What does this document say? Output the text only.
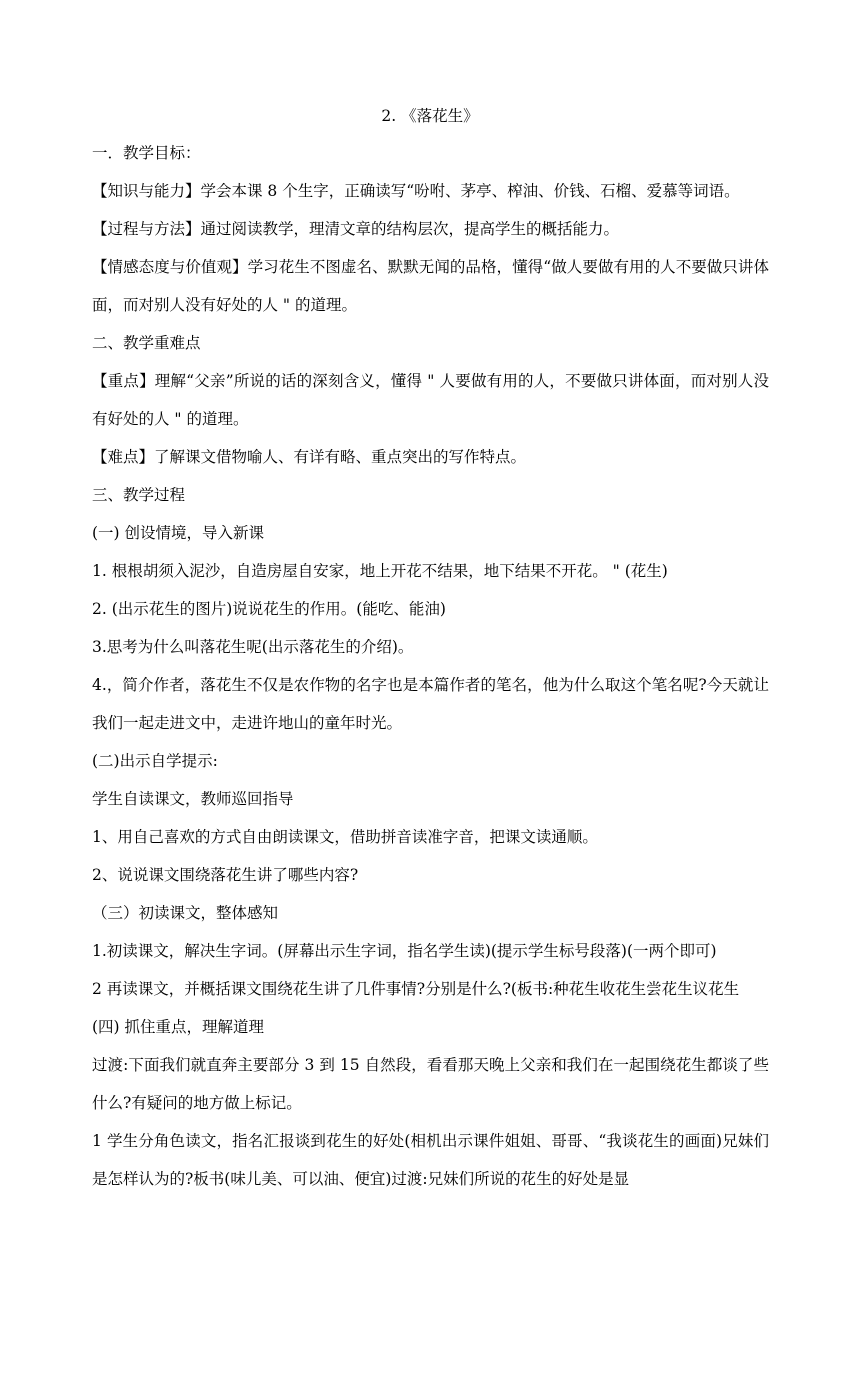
2. 《落花生》
一．教学目标：
【知识与能力】学会本课 8 个生字，正确读写“吩咐、茅亭、榨油、价钱、石榴、爱慕等词语。
【过程与方法】通过阅读教学，理清文章的结构层次，提高学生的概括能力。
【情感态度与价值观】学习花生不图虚名、默默无闻的品格，懂得“做人要做有用的人不要做只讲体面，而对别人没有好处的人 " 的道理。
二、教学重难点
【重点】理解“父亲”所说的话的深刻含义，懂得 " 人要做有用的人，不要做只讲体面，而对别人没有好处的人 " 的道理。
【难点】了解课文借物喻人、有详有略、重点突出的写作特点。
三、教学过程
(一) 创设情境，导入新课
1. 根根胡须入泥沙，自造房屋自安家，地上开花不结果，地下结果不开花。 " (花生)
2. (出示花生的图片)说说花生的作用。(能吃、能油)
3.思考为什么叫落花生呢(出示落花生的介绍)。
4.，简介作者，落花生不仅是农作物的名字也是本篇作者的笔名，他为什么取这个笔名呢?今天就让我们一起走进文中，走进许地山的童年时光。
(二)出示自学提示:
学生自读课文，教师巡回指导
1、用自己喜欢的方式自由朗读课文，借助拼音读准字音，把课文读通顺。
2、说说课文围绕落花生讲了哪些内容?
（三）初读课文，整体感知
1.初读课文，解决生字词。(屏幕出示生字词，指名学生读)(提示学生标号段落)(一两个即可)
2 再读课文，并概括课文围绕花生讲了几件事情?分别是什么?(板书:种花生收花生尝花生议花生
(四) 抓住重点，理解道理
过渡:下面我们就直奔主要部分 3 到 15 自然段，看看那天晚上父亲和我们在一起围绕花生都谈了些什么?有疑问的地方做上标记。
1 学生分角色读文，指名汇报谈到花生的好处(相机出示课件姐姐、哥哥、“我谈花生的画面)兄妹们是怎样认为的?板书(味儿美、可以油、便宜)过渡:兄妹们所说的花生的好处是显
